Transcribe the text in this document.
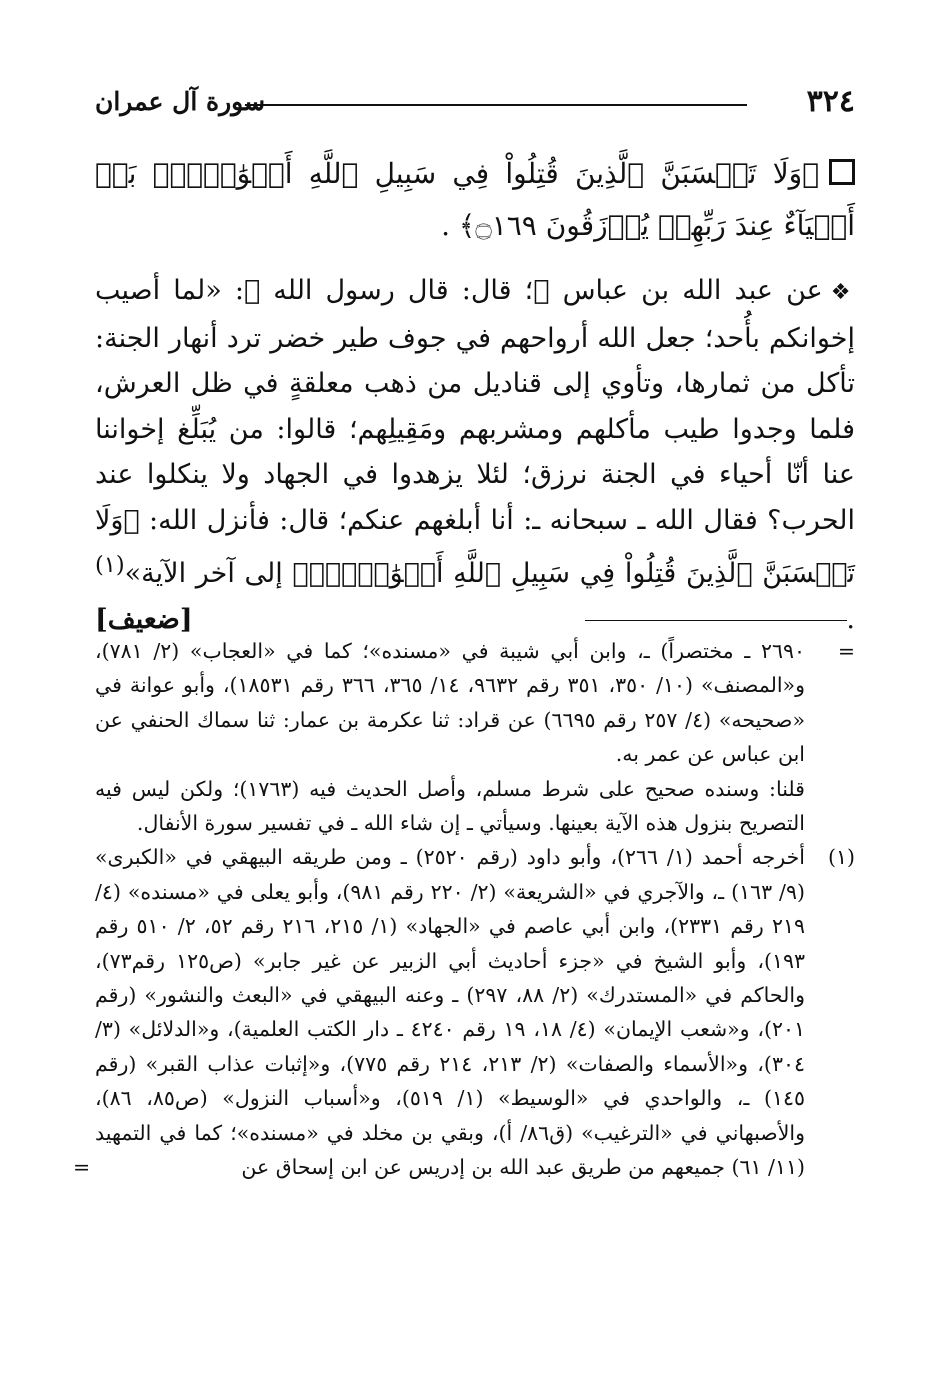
٣٢٤
سورة آل عمران
﴿وَلَا تَحۡسَبَنَّ ٱلَّذِينَ قُتِلُواْ فِي سَبِيلِ ٱللَّهِ أَمۡوَٰتَۢاۚ بَلۡ أَحۡيَآءٌ عِندَ رَبِّهِمۡ يُرۡزَقُونَ ۝١٦٩﴾ .
❖عن عبد الله بن عباس ﵄؛ قال: قال رسول الله ﷺ: «لما أصيب إخوانكم بأُحد؛ جعل الله أرواحهم في جوف طير خضر ترد أنهار الجنة: تأكل من ثمارها، وتأوي إلى قناديل من ذهب معلقةٍ في ظل العرش، فلما وجدوا طيب مأكلهم ومشربهم ومَقِيلِهم؛ قالوا: من يُبَلِّغ إخواننا عنا أنّا أحياء في الجنة نرزق؛ لئلا يزهدوا في الجهاد ولا ينكلوا عند الحرب؟ فقال الله ـ سبحانه ـ: أنا أبلغهم عنكم؛ قال: فأنزل الله: ﴿وَلَا تَحۡسَبَنَّ ٱلَّذِينَ قُتِلُواْ فِي سَبِيلِ ٱللَّهِ أَمۡوَٰتَۢاۚ﴾ إلى آخر الآية»$^{(١)}$ .
[ضعيف]
=

٢٦٩٠ ـ مختصراً) ـ، وابن أبي شيبة في «مسنده»؛ كما في «العجاب» (٢/ ٧٨١)، و«المصنف» (١٠/ ٣٥٠، ٣٥١ رقم ٩٦٣٢، ١٤/ ٣٦٥، ٣٦٦ رقم ١٨٥٣١)، وأبو عوانة في «صحيحه» (٤/ ٢٥٧ رقم ٦٦٩٥) عن قراد: ثنا عكرمة بن عمار: ثنا سماك الحنفي عن ابن عباس عن عمر به.

قلنا: وسنده صحيح على شرط مسلم، وأصل الحديث فيه (١٧٦٣)؛ ولكن ليس فيه التصريح بنزول هذه الآية بعينها. وسيأتي ـ إن شاء الله ـ في تفسير سورة الأنفال.

(١)

أخرجه أحمد (١/ ٢٦٦)، وأبو داود (رقم ٢٥٢٠) ـ ومن طريقه البيهقي في «الكبرى» (٩/ ١٦٣) ـ، والآجري في «الشريعة» (٢/ ٢٢٠ رقم ٩٨١)، وأبو يعلى في «مسنده» (٤/ ٢١٩ رقم ٢٣٣١)، وابن أبي عاصم في «الجهاد» (١/ ٢١٥، ٢١٦ رقم ٥٢، ٢/ ٥١٠ رقم ١٩٣)، وأبو الشيخ في «جزء أحاديث أبي الزبير عن غير جابر» (ص١٢٥ رقم٧٣)، والحاكم في «المستدرك» (٢/ ٨٨، ٢٩٧) ـ وعنه البيهقي في «البعث والنشور» (رقم ٢٠١)، و«شعب الإيمان» (٤/ ١٨، ١٩ رقم ٤٢٤٠ ـ دار الكتب العلمية)، و«الدلائل» (٣/ ٣٠٤)، و«الأسماء والصفات» (٢/ ٢١٣، ٢١٤ رقم ٧٧٥)، و«إثبات عذاب القبر» (رقم ١٤٥) ـ، والواحدي في «الوسيط» (١/ ٥١٩)، و«أسباب النزول» (ص٨٥، ٨٦)، والأصبهاني في «الترغيب» (ق٨٦/ أ)، وبقي بن مخلد في «مسنده»؛ كما في التمهيد (١١/ ٦١) جميعهم من طريق عبد الله بن إدريس عن ابن إسحاق عن

=
